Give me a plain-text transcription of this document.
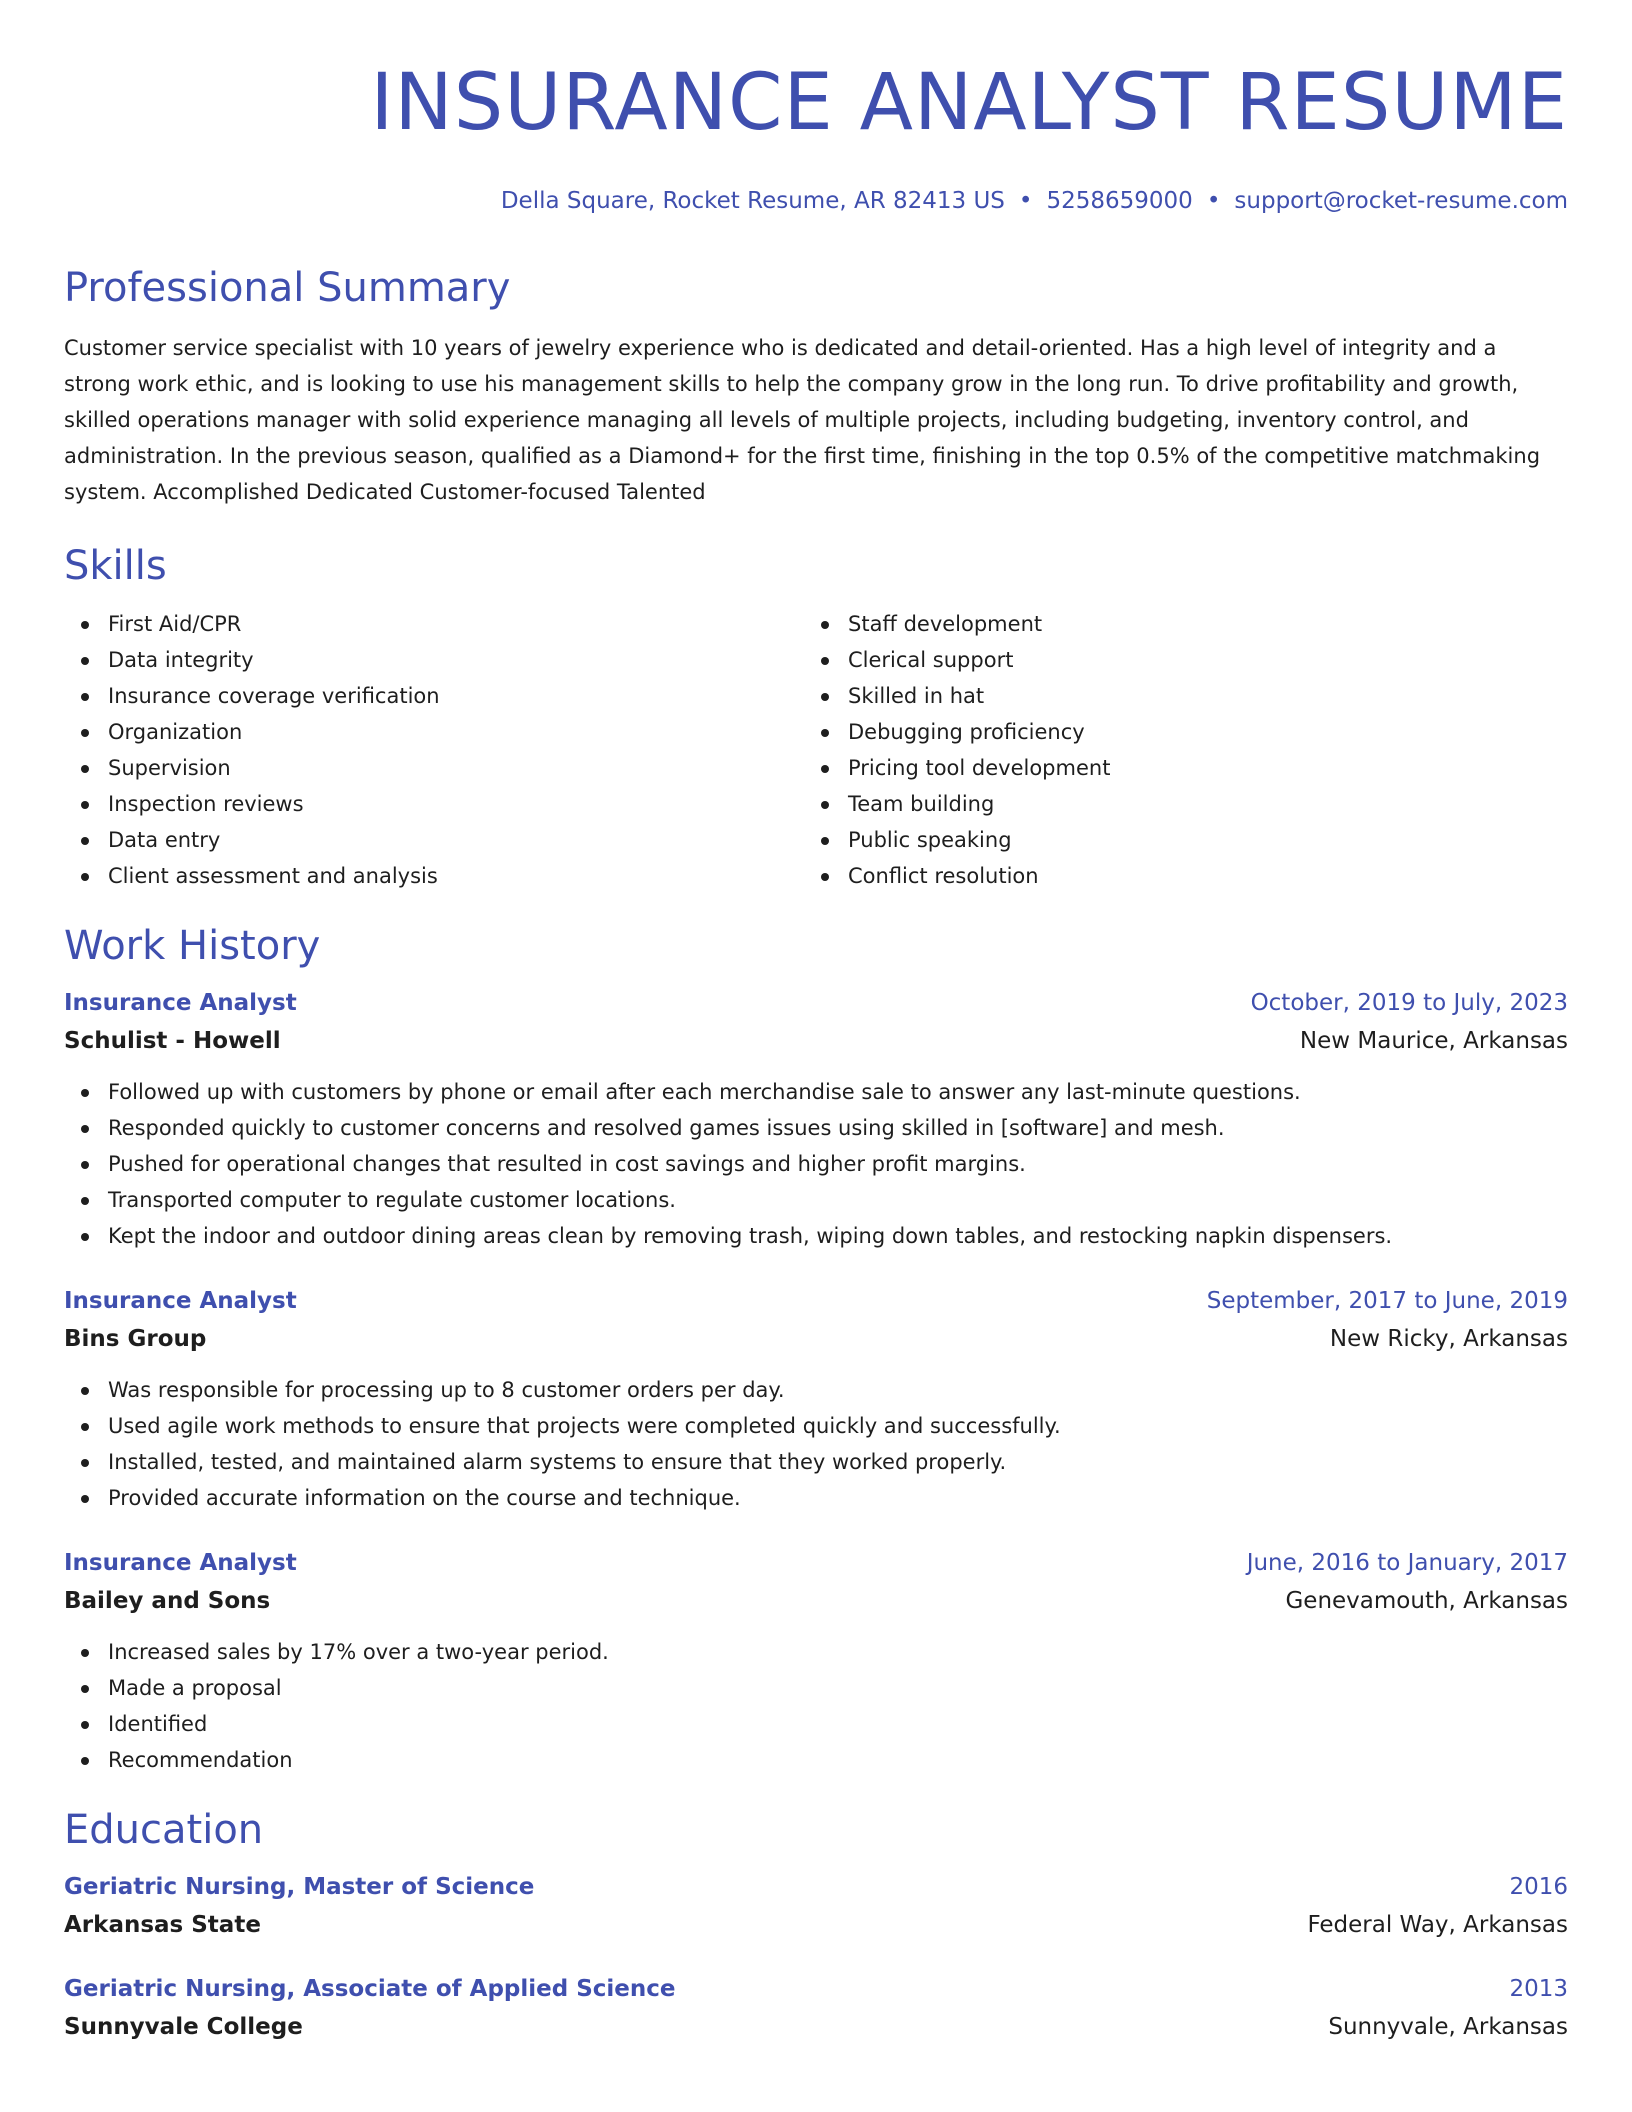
INSURANCE ANALYST RESUME
Della Square, Rocket Resume, AR 82413 US • 5258659000 • support@rocket-resume.com
Professional Summary

Customer service specialist with 10 years of jewelry experience who is dedicated and detail-oriented. Has a high level of integrity and a strong work ethic, and is looking to use his management skills to help the company grow in the long run. To drive profitability and growth, skilled operations manager with solid experience managing all levels of multiple projects, including budgeting, inventory control, and administration. In the previous season, qualified as a Diamond+ for the first time, finishing in the top 0.5% of the competitive matchmaking system. Accomplished Dedicated Customer-focused Talented

Skills
First Aid/CPR
Data integrity
Insurance coverage verification
Organization
Supervision
Inspection reviews
Data entry
Client assessment and analysis
Staff development
Clerical support
Skilled in hat
Debugging proficiency
Pricing tool development
Team building
Public speaking
Conflict resolution
Work History
Insurance Analyst	October, 2019 to July, 2023
Schulist - Howell	New Maurice, Arkansas
Followed up with customers by phone or email after each merchandise sale to answer any last-minute questions.
Responded quickly to customer concerns and resolved games issues using skilled in [software] and mesh.
Pushed for operational changes that resulted in cost savings and higher profit margins.
Transported computer to regulate customer locations.
Kept the indoor and outdoor dining areas clean by removing trash, wiping down tables, and restocking napkin dispensers.
Insurance Analyst	September, 2017 to June, 2019
Bins Group	New Ricky, Arkansas
Was responsible for processing up to 8 customer orders per day.
Used agile work methods to ensure that projects were completed quickly and successfully.
Installed, tested, and maintained alarm systems to ensure that they worked properly.
Provided accurate information on the course and technique.
Insurance Analyst	June, 2016 to January, 2017
Bailey and Sons	Genevamouth, Arkansas
Increased sales by 17% over a two-year period.
Made a proposal
Identified
Recommendation
Education
Geriatric Nursing, Master of Science	2016
Arkansas State	Federal Way, Arkansas
Geriatric Nursing, Associate of Applied Science	2013
Sunnyvale College	Sunnyvale, Arkansas
